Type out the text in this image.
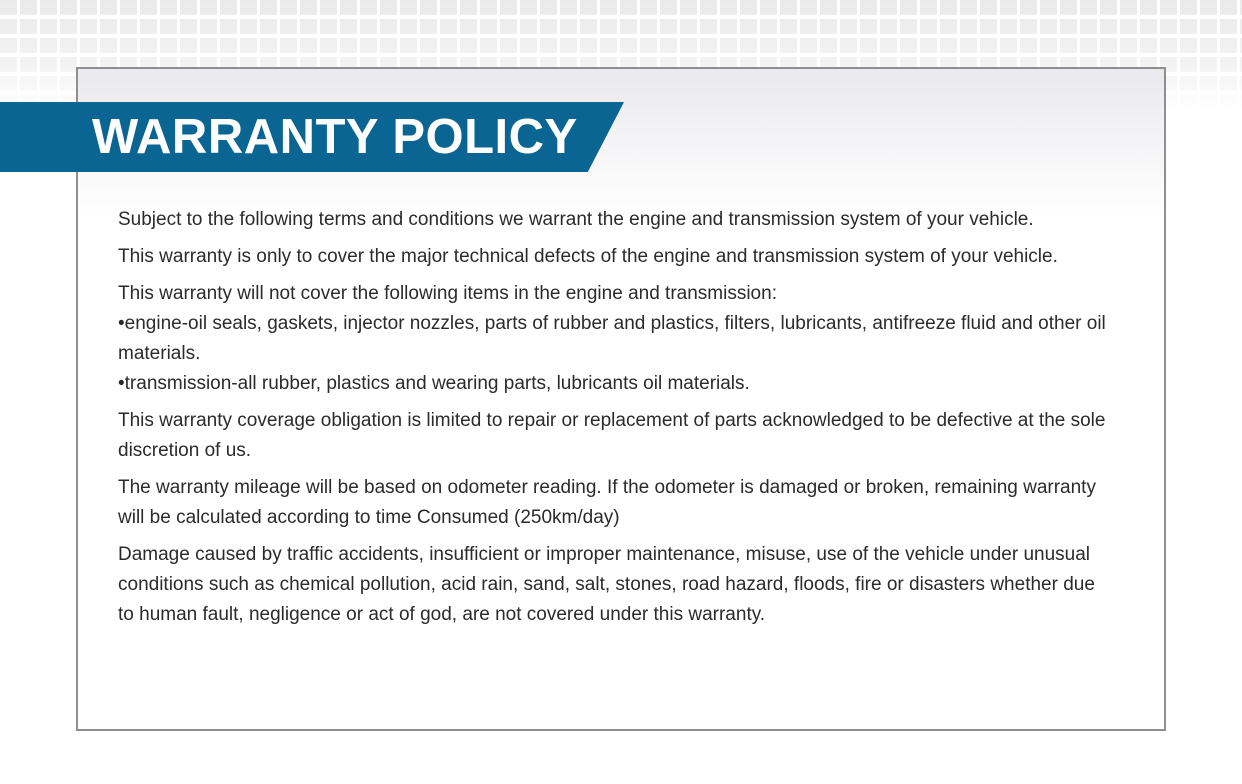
WARRANTY POLICY

Subject to the following terms and conditions we warrant the engine and transmission system of your vehicle.

This warranty is only to cover the major technical defects of the engine and transmission system of your vehicle.

This warranty will not cover the following items in the engine and transmission:
•engine-oil seals, gaskets, injector nozzles, parts of rubber and plastics, filters, lubricants, antifreeze fluid and other oil materials.
•transmission-all rubber, plastics and wearing parts, lubricants oil materials.

This warranty coverage obligation is limited to repair or replacement of parts acknowledged to be defective at the sole discretion of us.

The warranty mileage will be based on odometer reading. If the odometer is damaged or broken, remaining warranty will be calculated according to time Consumed (250km/day)

Damage caused by traffic accidents, insufficient or improper maintenance, misuse, use of the vehicle under unusual conditions such as chemical pollution, acid rain, sand, salt, stones, road hazard, floods, fire or disasters whether due to human fault, negligence or act of god, are not covered under this warranty.
